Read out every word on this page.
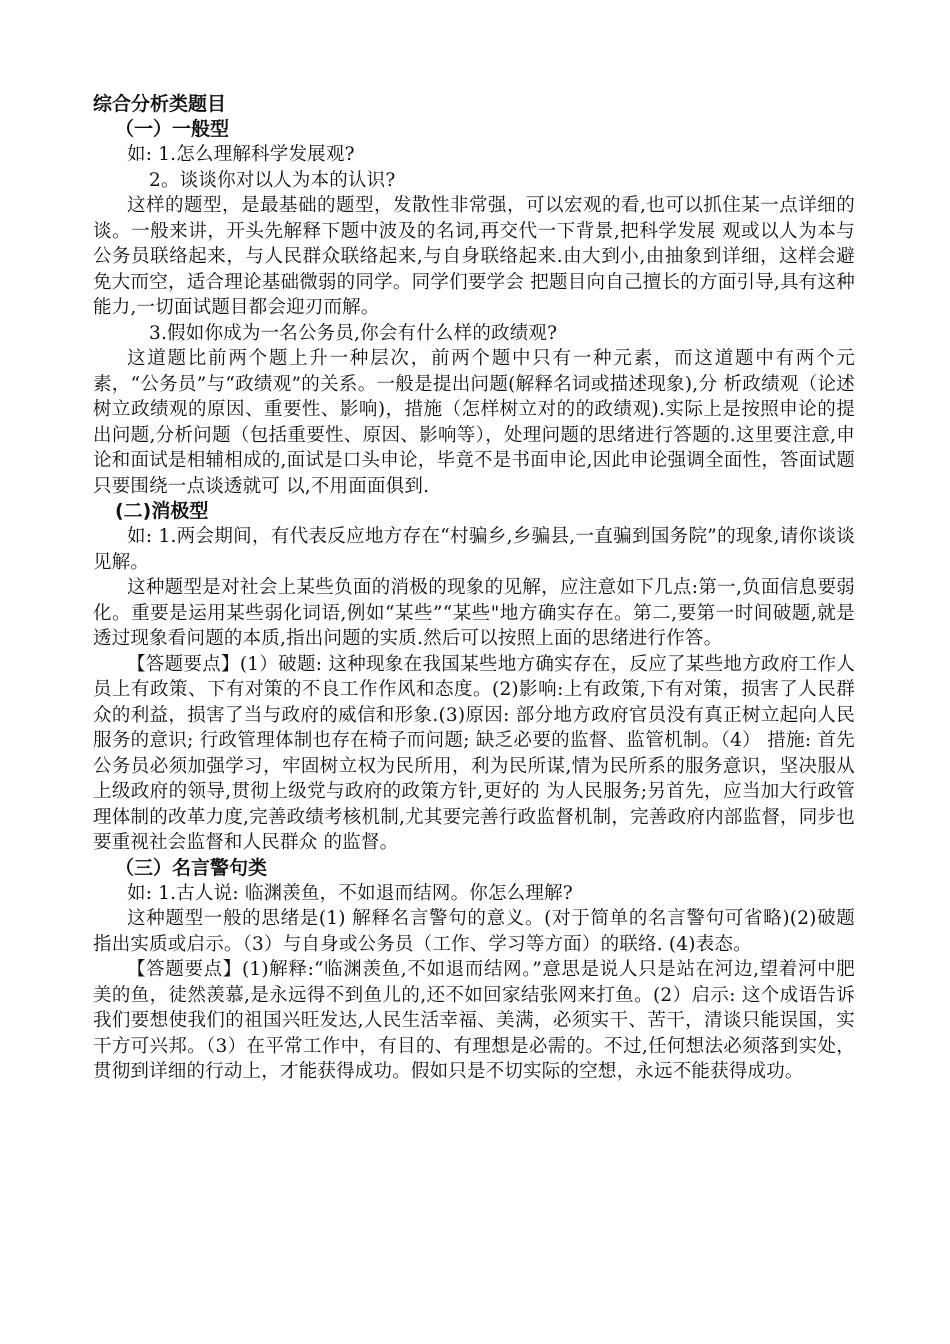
综合分析类题目
（一）一般型

如: 1.怎么理解科学发展观?

2。谈谈你对以人为本的认识?

这样的题型，是最基础的题型，发散性非常强，可以宏观的看,也可以抓住某一点详细的谈。一般来讲，开头先解释下题中波及的名词,再交代一下背景,把科学发展 观或以人为本与公务员联络起来，与人民群众联络起来,与自身联络起来.由大到小,由抽象到详细，这样会避免大而空，适合理论基础微弱的同学。同学们要学会 把题目向自己擅长的方面引导,具有这种能力,一切面试题目都会迎刃而解。

3.假如你成为一名公务员,你会有什么样的政绩观?

这道题比前两个题上升一种层次，前两个题中只有一种元素，而这道题中有两个元素，“公务员”与“政绩观”的关系。一般是提出问题(解释名词或描述现象),分 析政绩观（论述树立政绩观的原因、重要性、影响)，措施（怎样树立对的的政绩观).实际上是按照申论的提出问题,分析问题（包括重要性、原因、影响等），处理问题的思绪进行答题的.这里要注意,申论和面试是相辅相成的,面试是口头申论，毕竟不是书面申论,因此申论强调全面性，答面试题只要围绕一点谈透就可 以,不用面面俱到.

(二)消极型

如: 1.两会期间，有代表反应地方存在“村骗乡,乡骗县,一直骗到国务院”的现象,请你谈谈见解。

这种题型是对社会上某些负面的消极的现象的见解，应注意如下几点:第一,负面信息要弱化。重要是运用某些弱化词语,例如“某些”“某些"地方确实存在。第二,要第一时间破题,就是透过现象看问题的本质,指出问题的实质.然后可以按照上面的思绪进行作答。

【答题要点】(1）破题: 这种现象在我国某些地方确实存在，反应了某些地方政府工作人员上有政策、下有对策的不良工作作风和态度。(2)影响:上有政策,下有对策，损害了人民群众的利益，损害了当与政府的威信和形象.(3)原因: 部分地方政府官员没有真正树立起向人民服务的意识; 行政管理体制也存在椅子而问题; 缺乏必要的监督、监管机制。（4） 措施: 首先公务员必须加强学习，牢固树立权为民所用，利为民所谋,情为民所系的服务意识，坚决服从上级政府的领导,贯彻上级党与政府的政策方针,更好的 为人民服务;另首先，应当加大行政管理体制的改革力度,完善政绩考核机制,尤其要完善行政监督机制，完善政府内部监督，同步也要重视社会监督和人民群众 的监督。

（三）名言警句类

如: 1.古人说: 临渊羡鱼，不如退而结网。你怎么理解?

这种题型一般的思绪是(1) 解释名言警句的意义。(对于简单的名言警句可省略)(2)破题指出实质或启示。（3）与自身或公务员（工作、学习等方面）的联络. (4)表态。

【答题要点】(1)解释:“临渊羡鱼,不如退而结网。”意思是说人只是站在河边,望着河中肥美的鱼，徒然羡慕,是永远得不到鱼儿的,还不如回家结张网来打鱼。(2）启示: 这个成语告诉我们要想使我们的祖国兴旺发达,人民生活幸福、美满，必须实干、苦干，清谈只能误国，实干方可兴邦。（3）在平常工作中，有目的、有理想是必需的。不过,任何想法必须落到实处，贯彻到详细的行动上，才能获得成功。假如只是不切实际的空想，永远不能获得成功。
